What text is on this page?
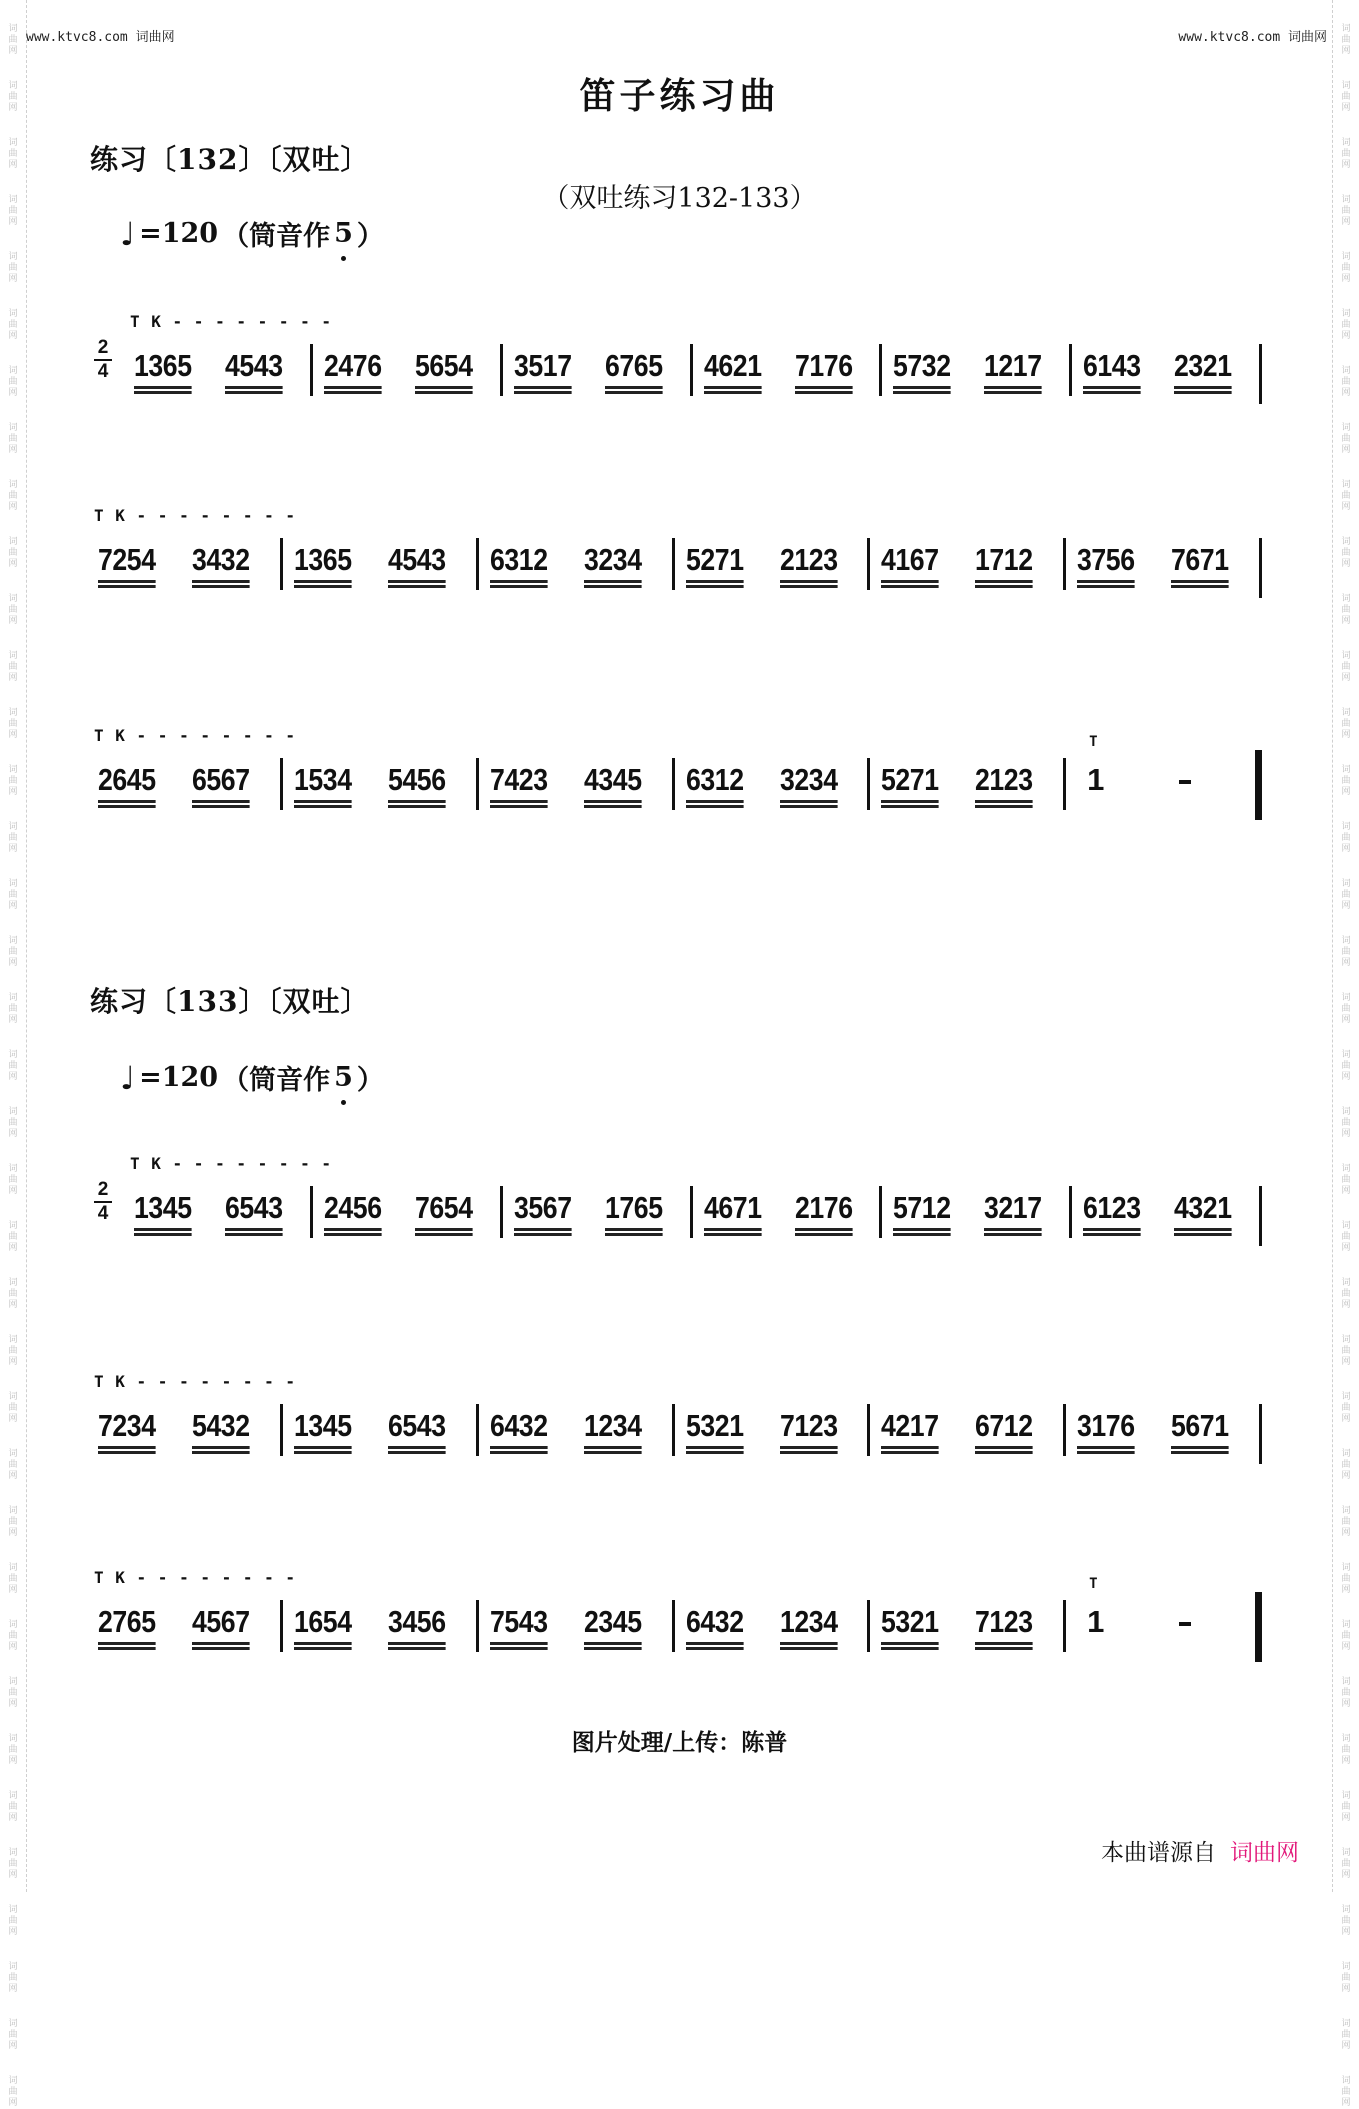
词曲网
词曲网
词曲网
词曲网
词曲网
词曲网
词曲网
词曲网
词曲网
词曲网
词曲网
词曲网
词曲网
词曲网
词曲网
词曲网
词曲网
词曲网
词曲网
词曲网
词曲网
词曲网
词曲网
词曲网
词曲网
词曲网
词曲网
词曲网
词曲网
词曲网
词曲网
词曲网
词曲网
词曲网
词曲网
词曲网
词曲网
词曲网
词曲网
词曲网
词曲网
词曲网
词曲网
词曲网
词曲网
词曲网
词曲网
词曲网
词曲网
词曲网
词曲网
词曲网
词曲网
词曲网
词曲网
词曲网
词曲网
词曲网
词曲网
词曲网
词曲网
词曲网
词曲网
词曲网
词曲网
词曲网
词曲网
词曲网
词曲网
词曲网
词曲网
词曲网
词曲网
词曲网
www.ktvc8.com 词曲网	www.ktvc8.com 词曲网
笛子练习曲
练习〔132〕〔双吐〕
（双吐练习132-133）
♩ =120 （筒音作 5 ）
T K - - - - - - - -
2
4 1365 4543 2476 5654 3517 6765 4621 7176 5732 1217 6143 2321
T K - - - - - - - -
7254 3432 1365 4543 6312 3234 5271 2123 4167 1712 3756 7671
T K - - - - - - - -
2645 6567 1534 5456 7423 4345 6312 3234 5271 2123
T
1
练习〔133〕〔双吐〕
♩ =120 （筒音作 5 ）
T K - - - - - - - -
2
4 1345 6543 2456 7654 3567 1765 4671 2176 5712 3217 6123 4321
T K - - - - - - - -
7234 5432 1345 6543 6432 1234 5321 7123 4217 6712 3176 5671
T K - - - - - - - -
2765 4567 1654 3456 7543 2345 6432 1234 5321 7123
T
1
图片处理/上传：陈普
本曲谱源自 词曲网
